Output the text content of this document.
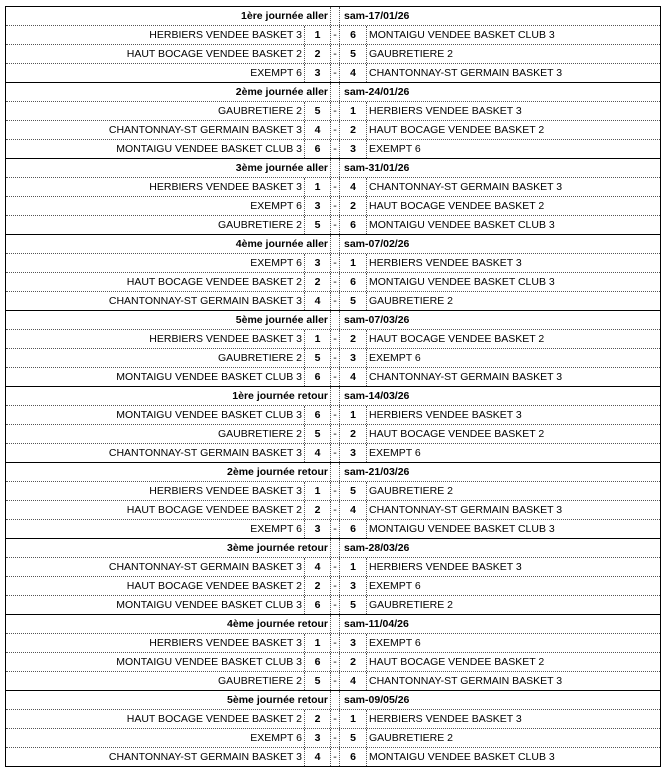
1ère journée aller	sam-17/01/26
HERBIERS VENDEE BASKET 3	1	-	6	MONTAIGU VENDEE BASKET CLUB 3
HAUT BOCAGE VENDEE BASKET 2	2	-	5	GAUBRETIERE 2
EXEMPT 6	3	-	4	CHANTONNAY-ST GERMAIN BASKET 3
2ème journée aller	sam-24/01/26
GAUBRETIERE 2	5	-	1	HERBIERS VENDEE BASKET 3
CHANTONNAY-ST GERMAIN BASKET 3	4	-	2	HAUT BOCAGE VENDEE BASKET 2
MONTAIGU VENDEE BASKET CLUB 3	6	-	3	EXEMPT 6
3ème journée aller	sam-31/01/26
HERBIERS VENDEE BASKET 3	1	-	4	CHANTONNAY-ST GERMAIN BASKET 3
EXEMPT 6	3	-	2	HAUT BOCAGE VENDEE BASKET 2
GAUBRETIERE 2	5	-	6	MONTAIGU VENDEE BASKET CLUB 3
4ème journée aller	sam-07/02/26
EXEMPT 6	3	-	1	HERBIERS VENDEE BASKET 3
HAUT BOCAGE VENDEE BASKET 2	2	-	6	MONTAIGU VENDEE BASKET CLUB 3
CHANTONNAY-ST GERMAIN BASKET 3	4	-	5	GAUBRETIERE 2
5ème journée aller	sam-07/03/26
HERBIERS VENDEE BASKET 3	1	-	2	HAUT BOCAGE VENDEE BASKET 2
GAUBRETIERE 2	5	-	3	EXEMPT 6
MONTAIGU VENDEE BASKET CLUB 3	6	-	4	CHANTONNAY-ST GERMAIN BASKET 3
1ère journée retour	sam-14/03/26
MONTAIGU VENDEE BASKET CLUB 3	6	-	1	HERBIERS VENDEE BASKET 3
GAUBRETIERE 2	5	-	2	HAUT BOCAGE VENDEE BASKET 2
CHANTONNAY-ST GERMAIN BASKET 3	4	-	3	EXEMPT 6
2ème journée retour	sam-21/03/26
HERBIERS VENDEE BASKET 3	1	-	5	GAUBRETIERE 2
HAUT BOCAGE VENDEE BASKET 2	2	-	4	CHANTONNAY-ST GERMAIN BASKET 3
EXEMPT 6	3	-	6	MONTAIGU VENDEE BASKET CLUB 3
3ème journée retour	sam-28/03/26
CHANTONNAY-ST GERMAIN BASKET 3	4	-	1	HERBIERS VENDEE BASKET 3
HAUT BOCAGE VENDEE BASKET 2	2	-	3	EXEMPT 6
MONTAIGU VENDEE BASKET CLUB 3	6	-	5	GAUBRETIERE 2
4ème journée retour	sam-11/04/26
HERBIERS VENDEE BASKET 3	1	-	3	EXEMPT 6
MONTAIGU VENDEE BASKET CLUB 3	6	-	2	HAUT BOCAGE VENDEE BASKET 2
GAUBRETIERE 2	5	-	4	CHANTONNAY-ST GERMAIN BASKET 3
5ème journée retour	sam-09/05/26
HAUT BOCAGE VENDEE BASKET 2	2	-	1	HERBIERS VENDEE BASKET 3
EXEMPT 6	3	-	5	GAUBRETIERE 2
CHANTONNAY-ST GERMAIN BASKET 3	4	-	6	MONTAIGU VENDEE BASKET CLUB 3
